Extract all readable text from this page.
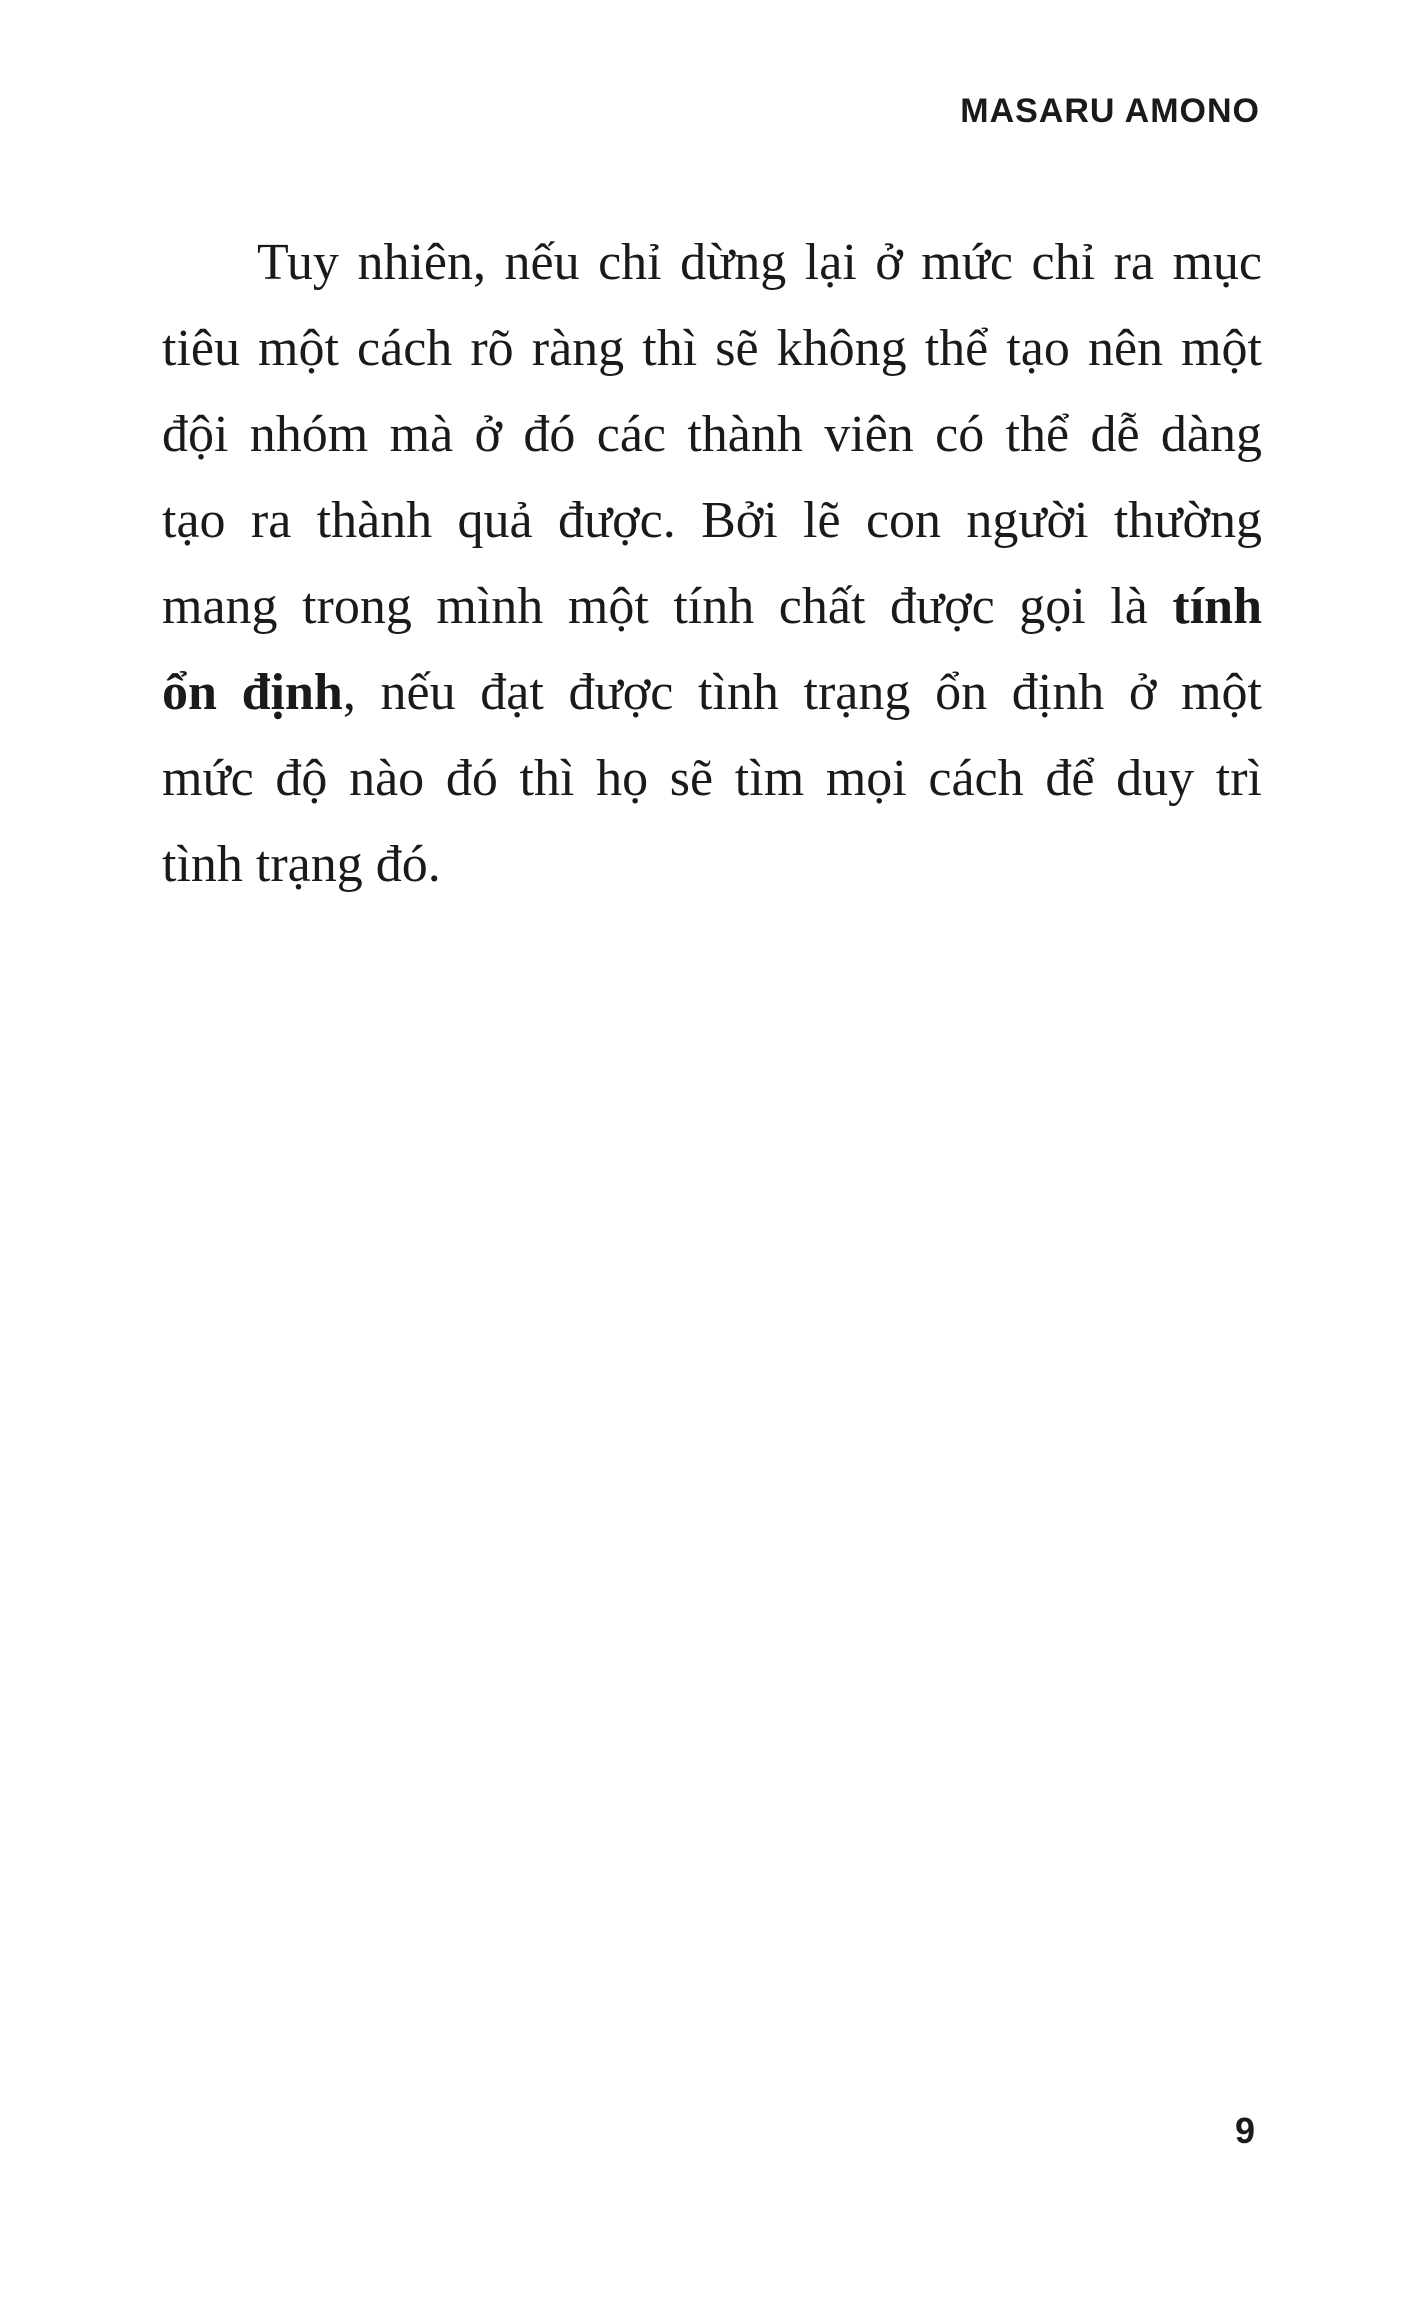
MASARU AMONO
Tuy nhiên, nếu chỉ dừng lại ở mức chỉ ra mục
tiêu một cách rõ ràng thì sẽ không thể tạo nên một
đội nhóm mà ở đó các thành viên có thể dễ dàng
tạo ra thành quả được. Bởi lẽ con người thường
mang trong mình một tính chất được gọi là tính
ổn định, nếu đạt được tình trạng ổn định ở một
mức độ nào đó thì họ sẽ tìm mọi cách để duy trì
tình trạng đó.
9
